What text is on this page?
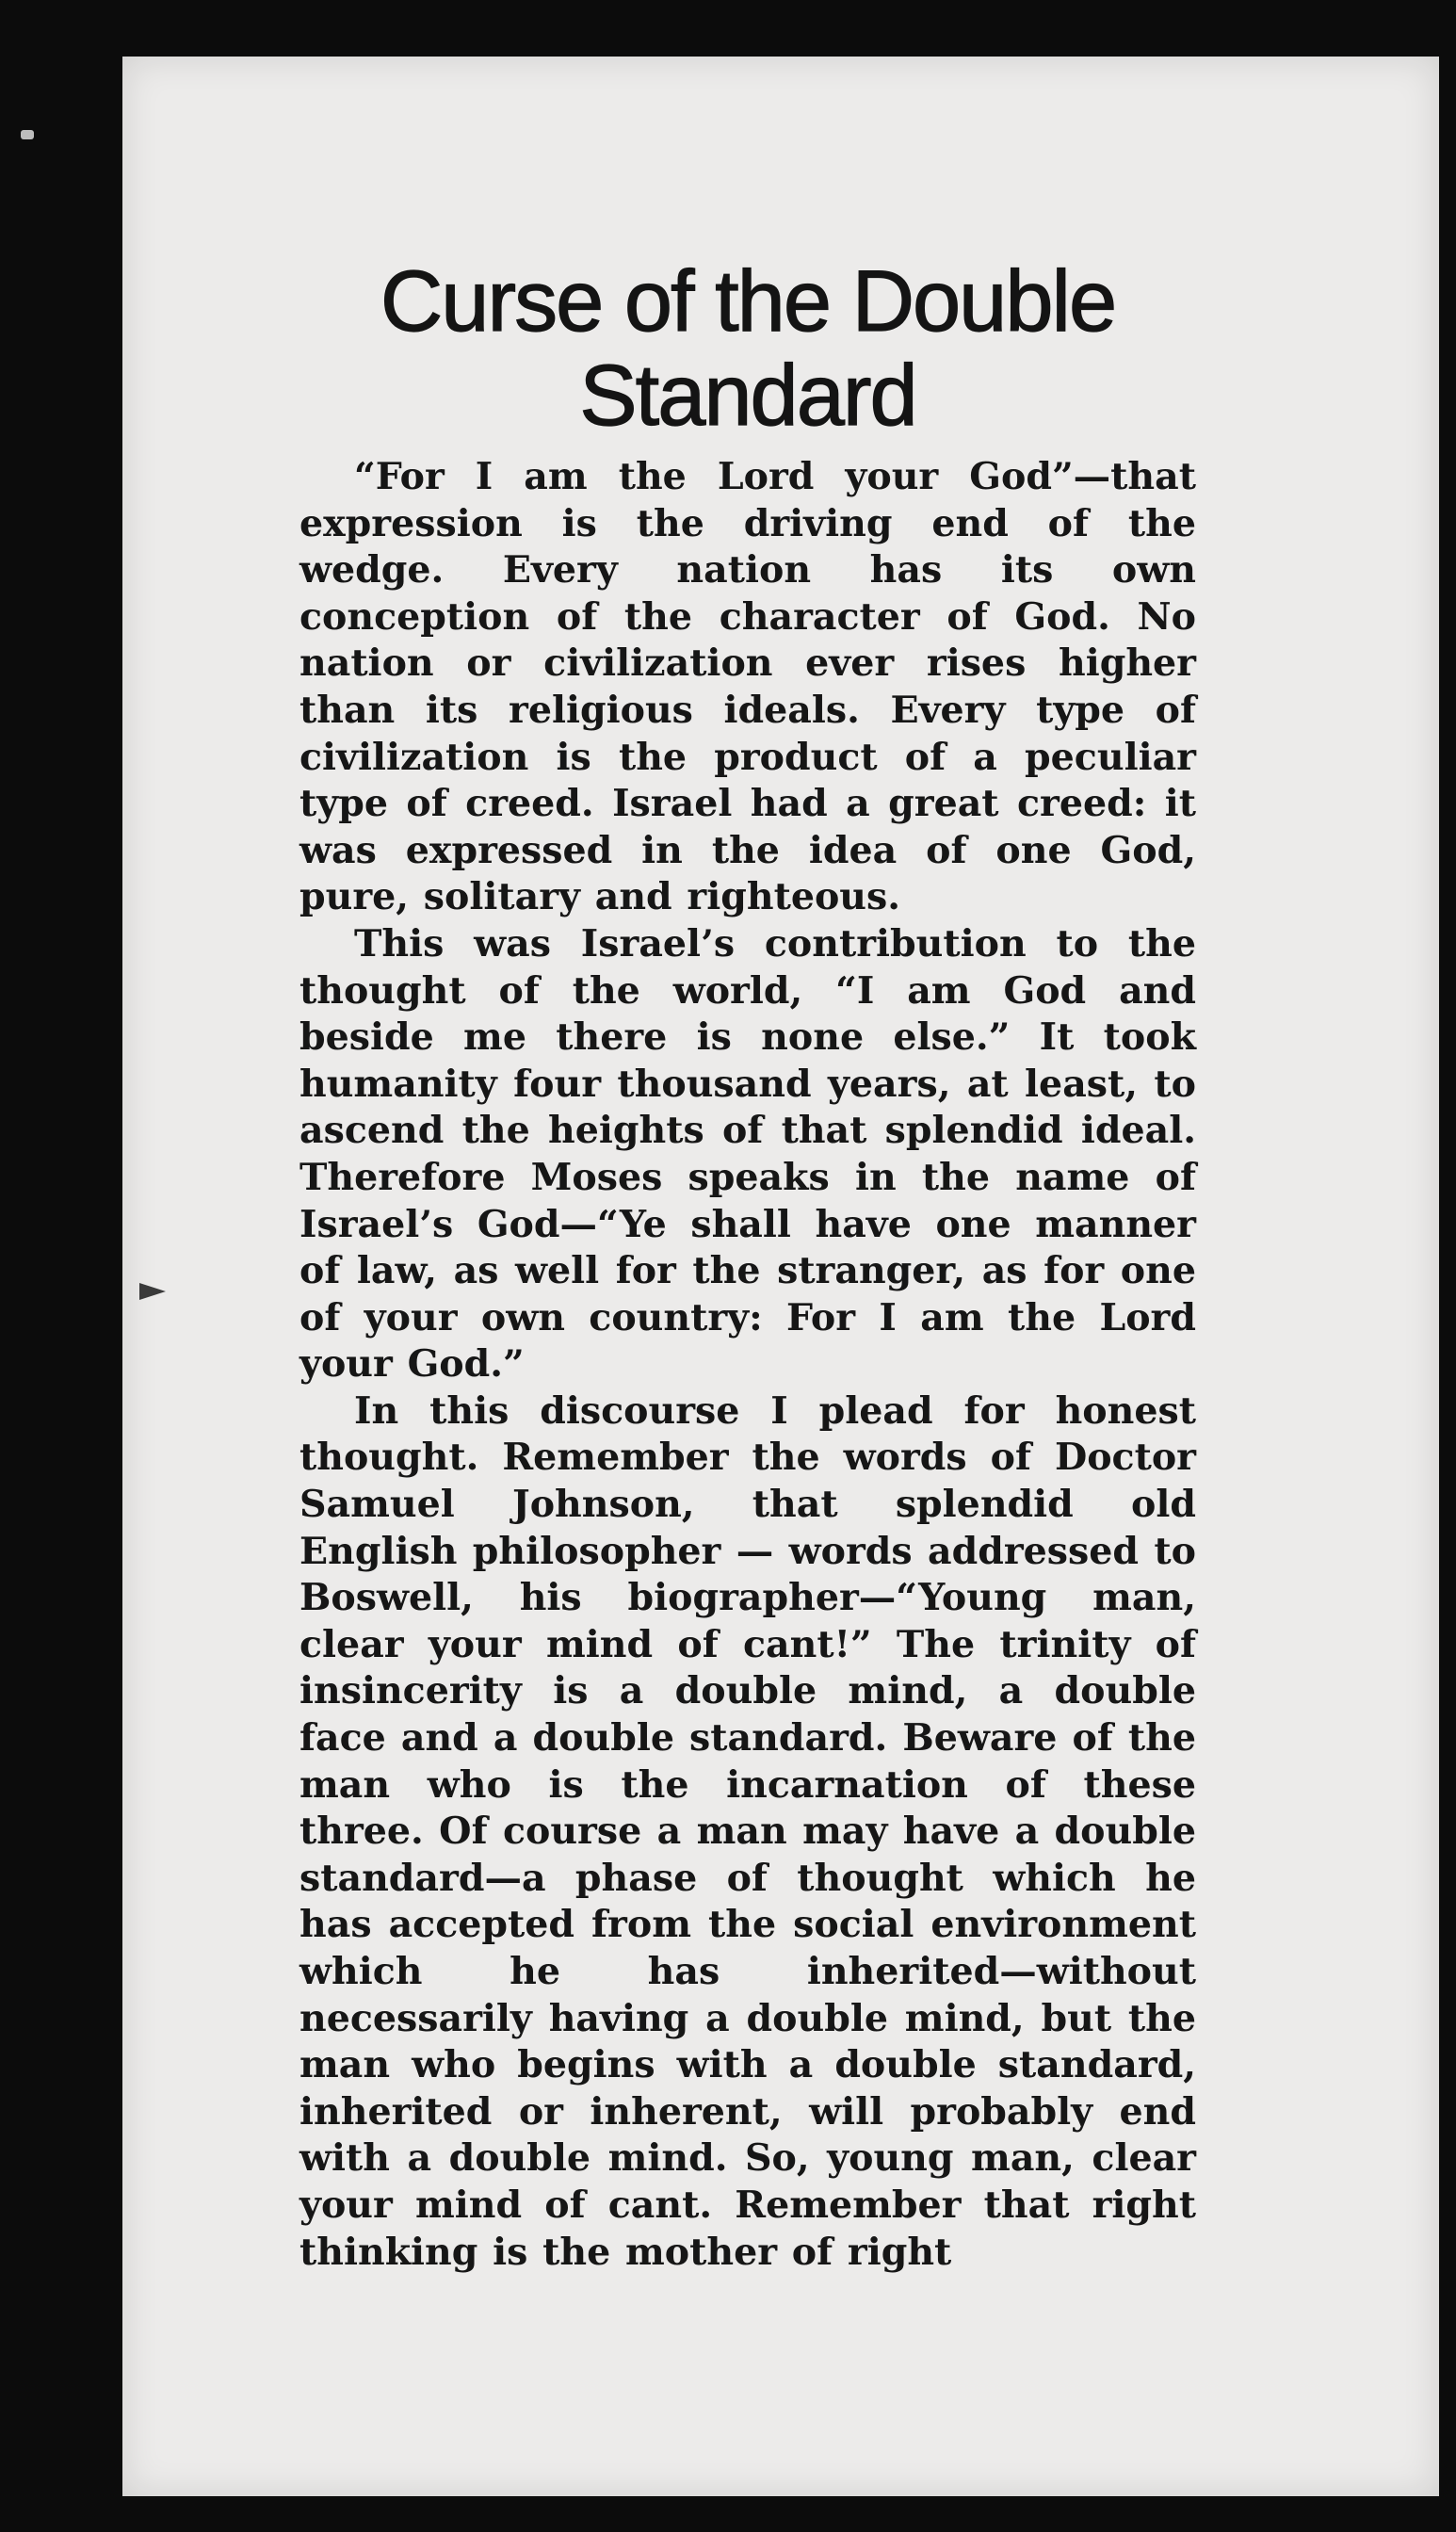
Curse of the Double Standard

“For I am the Lord your God”—that expression is the driving end of the wedge. Every nation has its own conception of the character of God. No nation or civilization ever rises higher than its religious ideals. Every type of civilization is the product of a peculiar type of creed. Israel had a great creed: it was expressed in the idea of one God, pure, solitary and righteous.

This was Israel’s contribution to the thought of the world, “I am God and beside me there is none else.” It took humanity four thousand years, at least, to ascend the heights of that splendid ideal. Therefore Moses speaks in the name of Israel’s God—“Ye shall have one manner of law, as well for the stranger, as for one of your own country: For I am the Lord your God.”

In this discourse I plead for honest thought. Remember the words of Doctor Samuel Johnson, that splendid old English philosopher — words addressed to Boswell, his biographer—“Young man, clear your mind of cant!” The trinity of insincerity is a double mind, a double face and a double standard. Beware of the man who is the incarnation of these three. Of course a man may have a double standard—a phase of thought which he has accepted from the social environment which he has inherited—without necessarily having a double mind, but the man who begins with a double standard, inherited or inherent, will probably end with a double mind. So, young man, clear your mind of cant. Remember that right thinking is the mother of right
